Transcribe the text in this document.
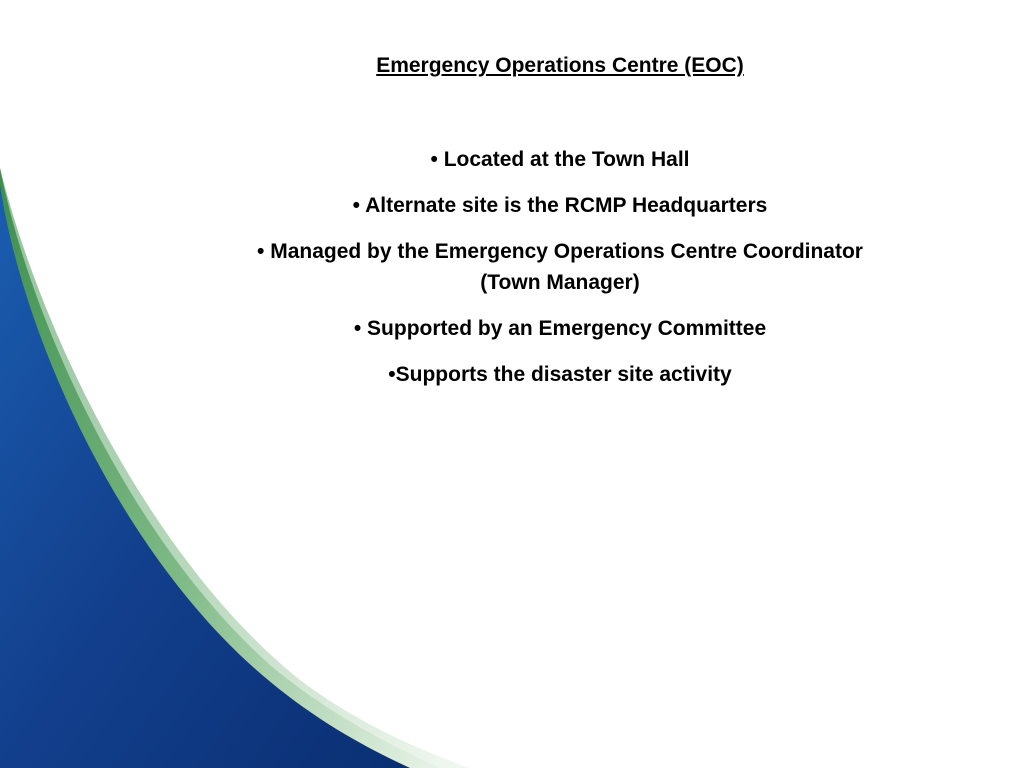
Emergency Operations Centre (EOC)
• Located at the Town Hall
• Alternate site is the RCMP Headquarters
• Managed by the Emergency Operations Centre Coordinator
(Town Manager)
• Supported by an Emergency Committee
•Supports the disaster site activity
